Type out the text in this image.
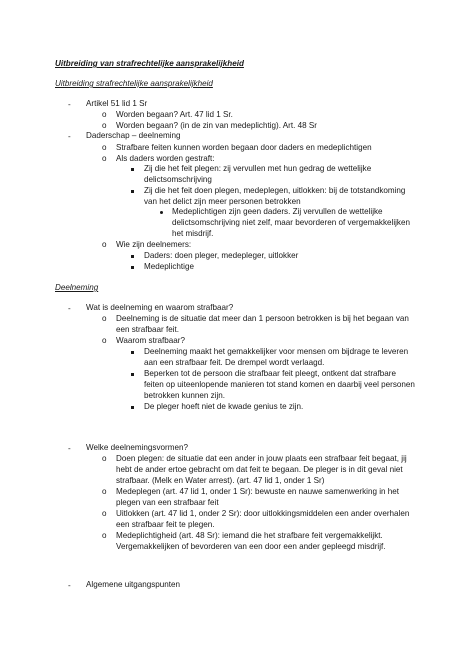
Uitbreiding van strafrechtelijke aansprakelijkheid
Uitbreiding strafrechtelijke aansprakelijkheid
- Artikel 51 lid 1 Sr
o Worden begaan? Art. 47 lid 1 Sr.
o Worden begaan? (in de zin van medeplichtig). Art. 48 Sr
- Daderschap – deelneming
o Strafbare feiten kunnen worden begaan door daders en medeplichtigen
o Als daders worden gestraft:
Zij die het feit plegen: zij vervullen met hun gedrag de wettelijke
delictsomschrijving
Zij die het feit doen plegen, medeplegen, uitlokken: bij de totstandkoming
van het delict zijn meer personen betrokken
Medeplichtigen zijn geen daders. Zij vervullen de wettelijke
delictsomschrijving niet zelf, maar bevorderen of vergemakkelijken
het misdrijf.
o Wie zijn deelnemers:
Daders: doen pleger, medepleger, uitlokker
Medeplichtige
Deelneming
- Wat is deelneming en waarom strafbaar?
o Deelneming is de situatie dat meer dan 1 persoon betrokken is bij het begaan van
een strafbaar feit.
o Waarom strafbaar?
Deelneming maakt het gemakkelijker voor mensen om bijdrage te leveren
aan een strafbaar feit. De drempel wordt verlaagd.
Beperken tot de persoon die strafbaar feit pleegt, ontkent dat strafbare
feiten op uiteenlopende manieren tot stand komen en daarbij veel personen
betrokken kunnen zijn.
De pleger hoeft niet de kwade genius te zijn.
- Welke deelnemingsvormen?
o Doen plegen: de situatie dat een ander in jouw plaats een strafbaar feit begaat, jij
hebt de ander ertoe gebracht om dat feit te begaan. De pleger is in dit geval niet
strafbaar. (Melk en Water arrest). (art. 47 lid 1, onder 1 Sr)
o Medeplegen (art. 47 lid 1, onder 1 Sr): bewuste en nauwe samenwerking in het
plegen van een strafbaar feit
o Uitlokken (art. 47 lid 1, onder 2 Sr): door uitlokkingsmiddelen een ander overhalen
een strafbaar feit te plegen.
o Medeplichtigheid (art. 48 Sr): iemand die het strafbare feit vergemakkelijkt.
Vergemakkelijken of bevorderen van een door een ander gepleegd misdrijf.
- Algemene uitgangspunten
